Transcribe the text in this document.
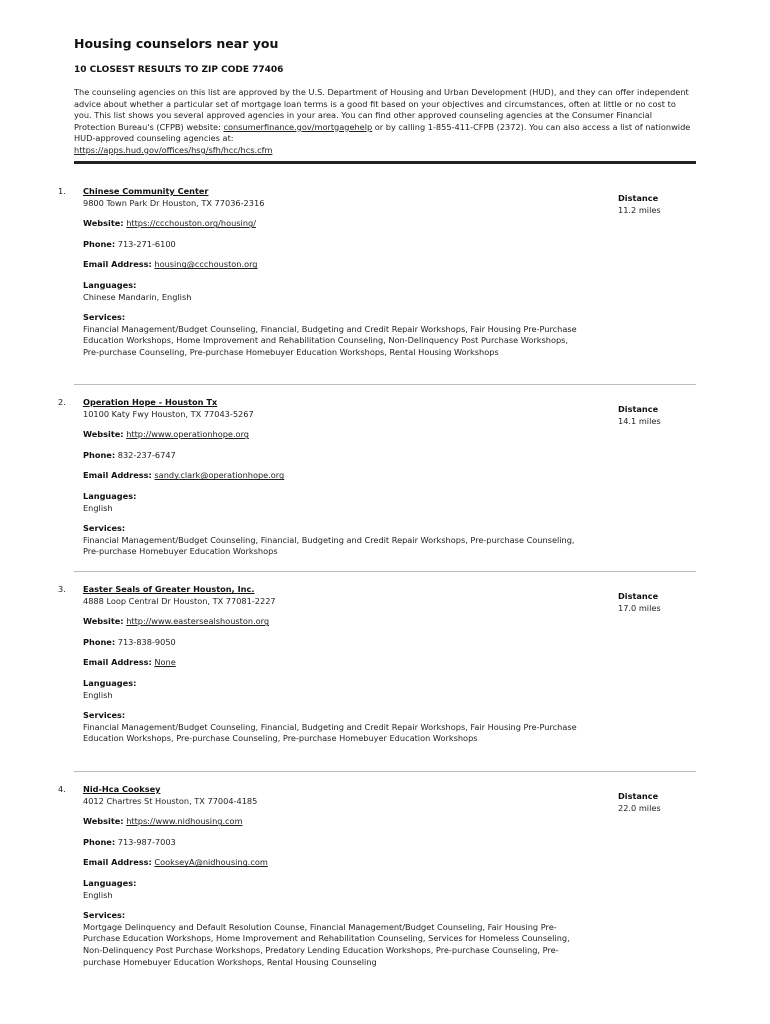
Housing counselors near you
10 CLOSEST RESULTS TO ZIP CODE 77406
The counseling agencies on this list are approved by the U.S. Department of Housing and Urban Development (HUD), and they can offer independent advice about whether a particular set of mortgage loan terms is a good fit based on your objectives and circumstances, often at little or no cost to you. This list shows you several approved agencies in your area. You can find other approved counseling agencies at the Consumer Financial Protection Bureau's (CFPB) website: consumerfinance.gov/mortgagehelp or by calling 1-855-411-CFPB (2372). You can also access a list of nationwide HUD-approved counseling agencies at:
https://apps.hud.gov/offices/hsg/sfh/hcc/hcs.cfm
1. Chinese Community Center
9800 Town Park Dr Houston, TX 77036-2316
Website: https://ccchouston.org/housing/
Phone: 713-271-6100
Email Address: housing@ccchouston.org
Languages:
Chinese Mandarin, English
Services:
Financial Management/Budget Counseling, Financial, Budgeting and Credit Repair Workshops, Fair Housing Pre-Purchase Education Workshops, Home Improvement and Rehabilitation Counseling, Non-Delinquency Post Purchase Workshops, Pre-purchase Counseling, Pre-purchase Homebuyer Education Workshops, Rental Housing Workshops
Distance
11.2 miles
2. Operation Hope - Houston Tx
10100 Katy Fwy Houston, TX 77043-5267
Website: http://www.operationhope.org
Phone: 832-237-6747
Email Address: sandy.clark@operationhope.org
Languages:
English
Services:
Financial Management/Budget Counseling, Financial, Budgeting and Credit Repair Workshops, Pre-purchase Counseling, Pre-purchase Homebuyer Education Workshops
Distance
14.1 miles
3. Easter Seals of Greater Houston, Inc.
4888 Loop Central Dr Houston, TX 77081-2227
Website: http://www.eastersealshouston.org
Phone: 713-838-9050
Email Address: None
Languages:
English
Services:
Financial Management/Budget Counseling, Financial, Budgeting and Credit Repair Workshops, Fair Housing Pre-Purchase Education Workshops, Pre-purchase Counseling, Pre-purchase Homebuyer Education Workshops
Distance
17.0 miles
4. Nid-Hca Cooksey
4012 Chartres St Houston, TX 77004-4185
Website: https://www.nidhousing.com
Phone: 713-987-7003
Email Address: CookseyA@nidhousing.com
Languages:
English
Services:
Mortgage Delinquency and Default Resolution Counse, Financial Management/Budget Counseling, Fair Housing Pre-Purchase Education Workshops, Home Improvement and Rehabilitation Counseling, Services for Homeless Counseling, Non-Delinquency Post Purchase Workshops, Predatory Lending Education Workshops, Pre-purchase Counseling, Pre-purchase Homebuyer Education Workshops, Rental Housing Counseling
Distance
22.0 miles
